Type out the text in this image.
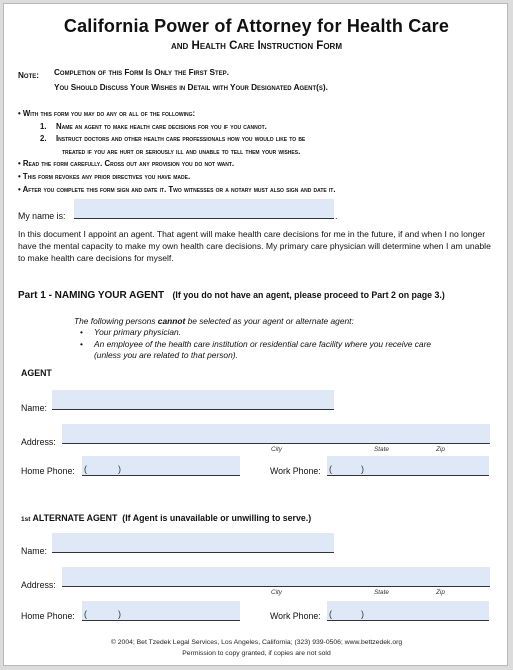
California Power of Attorney for Health Care
and Health Care Instruction Form
Note: Completion of this Form Is Only the First Step.
You Should Discuss Your Wishes in Detail with Your Designated Agent(s).
• With this form you may do any or all of the following:
1. Name an agent to make health care decisions for you if you cannot.
2. Instruct doctors and other health care professionals how you would like to be
treated if you are hurt or seriously ill and unable to tell them your wishes.
• Read the form carefully. Cross out any provision you do not want.
• This form revokes any prior directives you have made.
• After you complete this form sign and date it. Two witnesses or a notary must also sign and date it.
My name is:	.
In this document I appoint an agent. That agent will make health care decisions for me in the future, if and when I no longer have the mental capacity to make my own health care decisions. My primary care physician will determine when I am unable to make health care decisions for myself.
Part 1 - NAMING YOUR AGENT (If you do not have an agent, please proceed to Part 2 on page 3.)
The following persons cannot be selected as your agent or alternate agent:
• Your primary physician.
• An employee of the health care institution or residential care facility where you receive care
(unless you are related to that person).
AGENT
Name:
Address:
City	State	Zip
Home Phone: (	)	Work Phone: (	)
1st ALTERNATE AGENT (If Agent is unavailable or unwilling to serve.)
Name:
Address:
City	State	Zip
Home Phone: (	)	Work Phone: (	)
© 2004; Bet Tzedek Legal Services, Los Angeles, California; (323) 939-0506; www.bettzedek.org
Permission to copy granted, if copies are not sold
